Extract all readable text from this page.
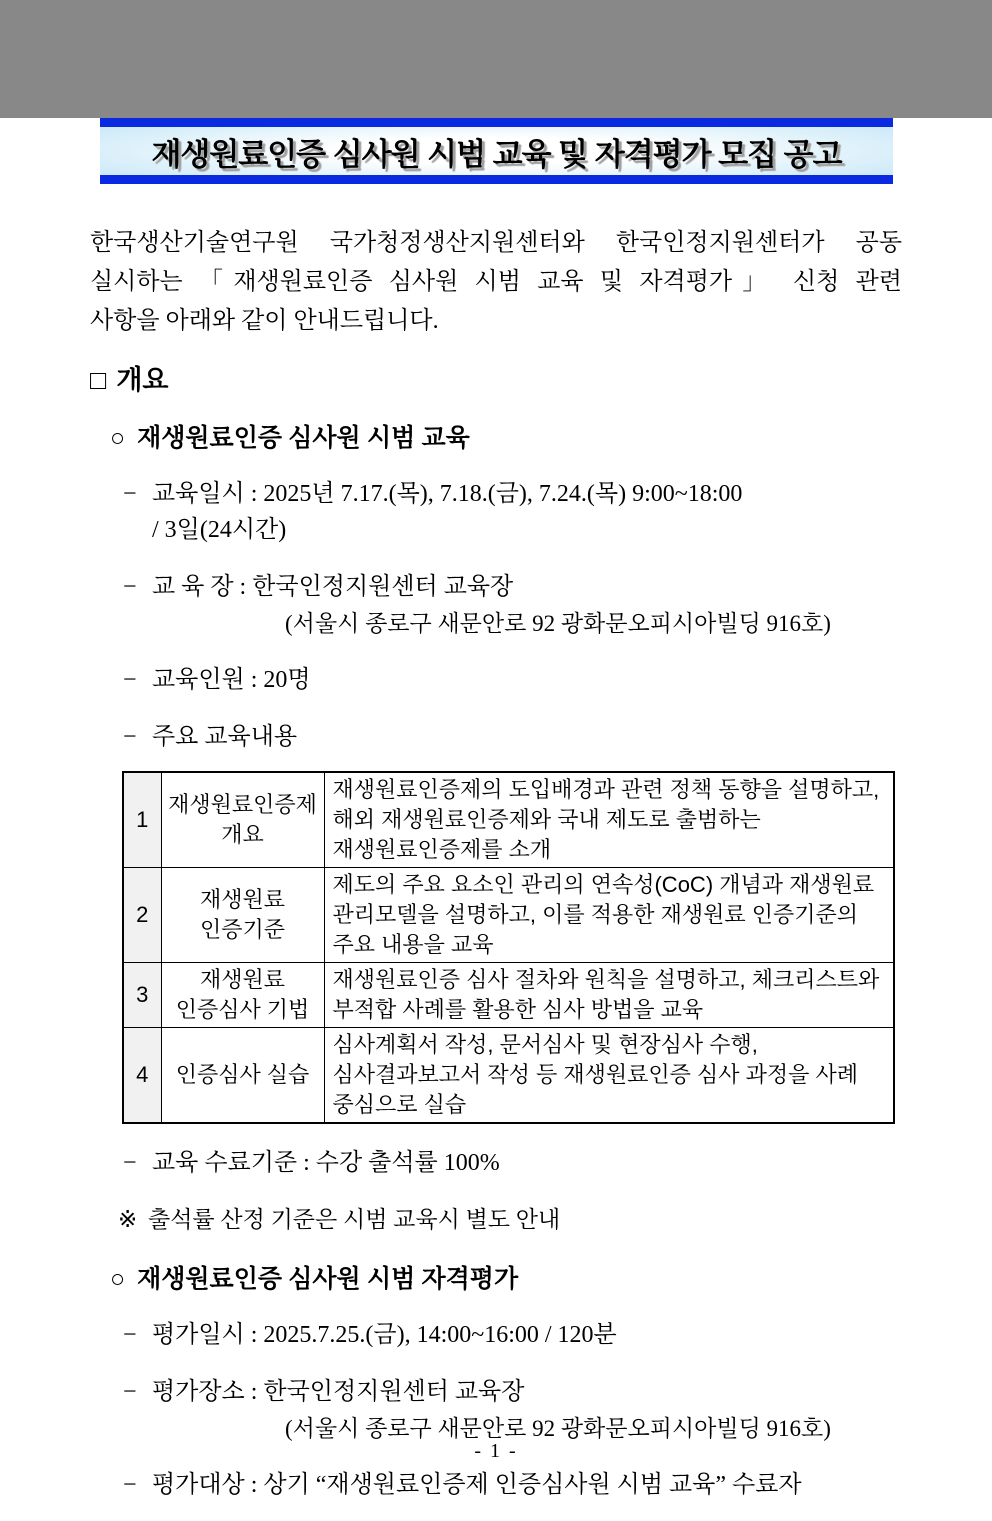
재생원료인증 심사원 시범 교육 및 자격평가 모집 공고
한국생산기술연구원 국가청정생산지원센터와 한국인정지원센터가 공동
실시하는 「재생원료인증 심사원 시범 교육 및 자격평가」 신청 관련
사항을 아래와 같이 안내드립니다.
□ 개요
○ 재생원료인증 심사원 시범 교육
− 교육일시 : 2025년 7.17.(목), 7.18.(금), 7.24.(목) 9:00~18:00
/ 3일(24시간)
− 교 육 장 : 한국인정지원센터 교육장
(서울시 종로구 새문안로 92 광화문오피시아빌딩 916호)
− 교육인원 : 20명
− 주요 교육내용
1	재생원료인증제
개요	재생원료인증제의 도입배경과 관련 정책 동향을 설명하고,
해외 재생원료인증제와 국내 제도로 출범하는
재생원료인증제를 소개
2	재생원료
인증기준	제도의 주요 요소인 관리의 연속성(CoC) 개념과 재생원료
관리모델을 설명하고, 이를 적용한 재생원료 인증기준의
주요 내용을 교육
3	재생원료
인증심사 기법	재생원료인증 심사 절차와 원칙을 설명하고, 체크리스트와
부적합 사례를 활용한 심사 방법을 교육
4	인증심사 실습	심사계획서 작성, 문서심사 및 현장심사 수행,
심사결과보고서 작성 등 재생원료인증 심사 과정을 사례
중심으로 실습
− 교육 수료기준 : 수강 출석률 100%
※ 출석률 산정 기준은 시범 교육시 별도 안내
○ 재생원료인증 심사원 시범 자격평가
− 평가일시 : 2025.7.25.(금), 14:00~16:00 / 120분
− 평가장소 : 한국인정지원센터 교육장
(서울시 종로구 새문안로 92 광화문오피시아빌딩 916호)
− 평가대상 : 상기 “재생원료인증제 인증심사원 시범 교육” 수료자
- 1 -
